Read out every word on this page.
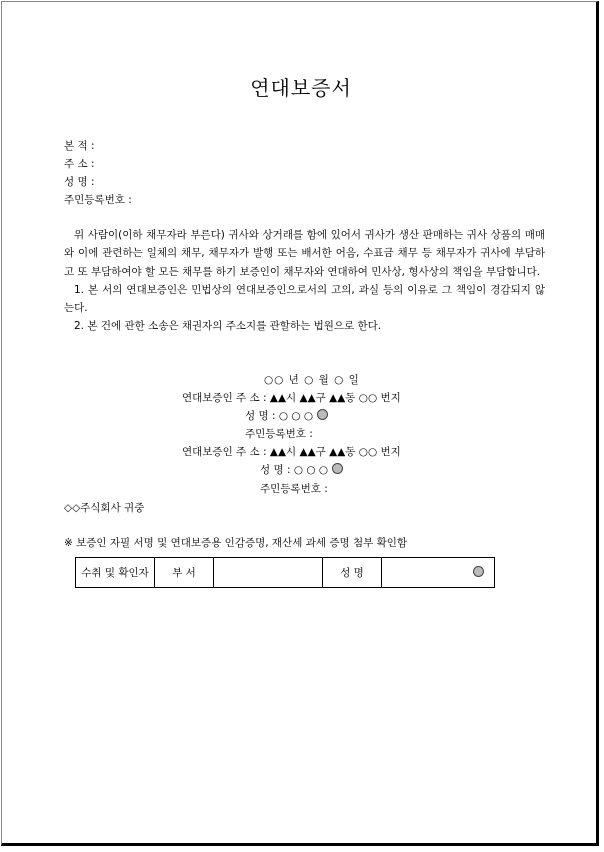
연대보증서
본 적 :
주 소 :
성 명 :
주민등록번호 :

위 사람이(이하 채무자라 부른다) 귀사와 상거래를 함에 있어서 귀사가 생산 판매하는 귀사 상품의 매매와 이에 관련하는 일체의 채무, 채무자가 발행 또는 배서한 어음, 수표금 채무 등 채무자가 귀사에 부담하고 또 부담하여야 할 모든 채무를 하기 보증인이 채무자와 연대하여 민사상, 형사상의 책임을 부담합니다.

1. 본 서의 연대보증인은 민법상의 연대보증인으로서의 고의, 과실 등의 이유로 그 책임이 경감되지 않는다.

2. 본 건에 관한 소송은 채권자의 주소지를 관할하는 법원으로 한다.

○○ 년 ○ 월 ○ 일
연대보증인 주 소 : ▲▲시 ▲▲구 ▲▲동 ○○ 번지
성 명 : ○ ○ ○
주민등록번호 :
연대보증인 주 소 : ▲▲시 ▲▲구 ▲▲동 ○○ 번지
성 명 : ○ ○ ○
주민등록번호 :
◇◇주식회사 귀중
※ 보증인 자필 서명 및 연대보증용 인감증명, 재산세 과세 증명 첨부 확인함
수취 및 확인자	부 서		성 명	
